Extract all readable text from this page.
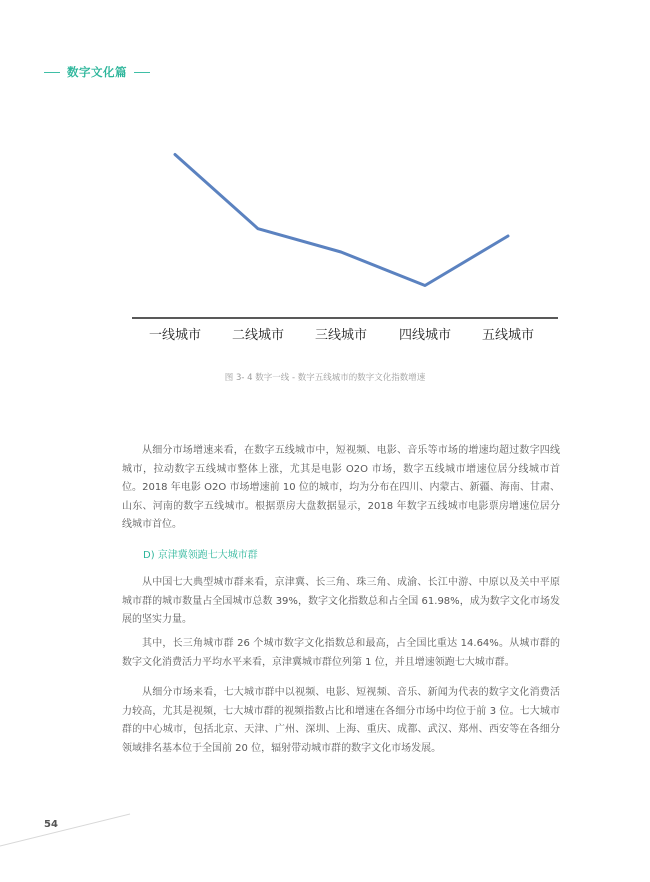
数字文化篇
一线城市 二线城市 三线城市 四线城市 五线城市
图 3- 4 数字一线 - 数字五线城市的数字文化指数增速

从细分市场增速来看，在数字五线城市中，短视频、电影、音乐等市场的增速均超过数字四线城市，拉动数字五线城市整体上涨，尤其是电影 O2O 市场，数字五线城市增速位居分线城市首位。2018 年电影 O2O 市场增速前 10 位的城市，均为分布在四川、内蒙古、新疆、海南、甘肃、山东、河南的数字五线城市。根据票房大盘数据显示，2018 年数字五线城市电影票房增速位居分线城市首位。

D) 京津冀领跑七大城市群

从中国七大典型城市群来看，京津冀、长三角、珠三角、成渝、长江中游、中原以及关中平原城市群的城市数量占全国城市总数 39%，数字文化指数总和占全国 61.98%，成为数字文化市场发展的坚实力量。

其中，长三角城市群 26 个城市数字文化指数总和最高，占全国比重达 14.64%。从城市群的数字文化消费活力平均水平来看，京津冀城市群位列第 1 位，并且增速领跑七大城市群。

从细分市场来看，七大城市群中以视频、电影、短视频、音乐、新闻为代表的数字文化消费活力较高，尤其是视频，七大城市群的视频指数占比和增速在各细分市场中均位于前 3 位。七大城市群的中心城市，包括北京、天津、广州、深圳、上海、重庆、成都、武汉、郑州、西安等在各细分领域排名基本位于全国前 20 位，辐射带动城市群的数字文化市场发展。

54
